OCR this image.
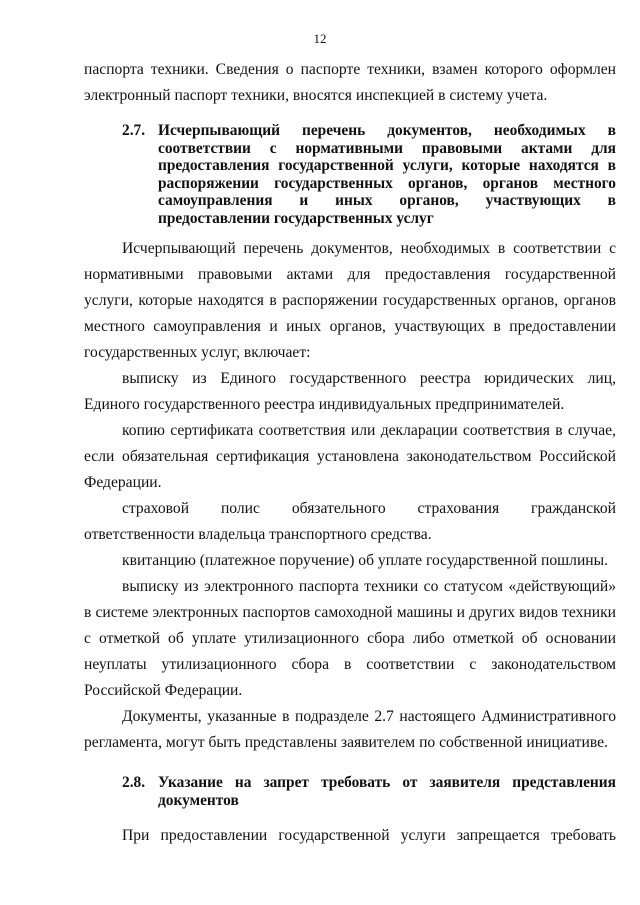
12

паспорта техники. Сведения о паспорте техники, взамен которого оформлен

электронный паспорт техники, вносятся инспекцией в систему учета.

2.7. Исчерпывающий перечень документов, необходимых в соответствии с нормативными правовыми актами для предоставления государственной услуги, которые находятся в распоряжении государственных органов, органов местного самоуправления и иных органов, участвующих в предоставлении государственных услуг

Исчерпывающий перечень документов, необходимых в соответствии с нормативными правовыми актами для предоставления государственной услуги, которые находятся в распоряжении государственных органов, органов местного самоуправления и иных органов, участвующих в предоставлении государственных услуг, включает:

выписку из Единого государственного реестра юридических лиц, Единого государственного реестра индивидуальных предпринимателей.

копию сертификата соответствия или декларации соответствия в случае, если обязательная сертификация установлена законодательством Российской Федерации.

страховой полис обязательного страхования гражданской ответственности владельца транспортного средства.

квитанцию (платежное поручение) об уплате государственной пошлины.

выписку из электронного паспорта техники со статусом «действующий» в системе электронных паспортов самоходной машины и других видов техники с отметкой об уплате утилизационного сбора либо отметкой об основании неуплаты утилизационного сбора в соответствии с законодательством Российской Федерации.

Документы, указанные в подразделе 2.7 настоящего Административного регламента, могут быть представлены заявителем по собственной инициативе.

2.8. Указание на запрет требовать от заявителя представления документов

При предоставлении государственной услуги запрещается требовать
